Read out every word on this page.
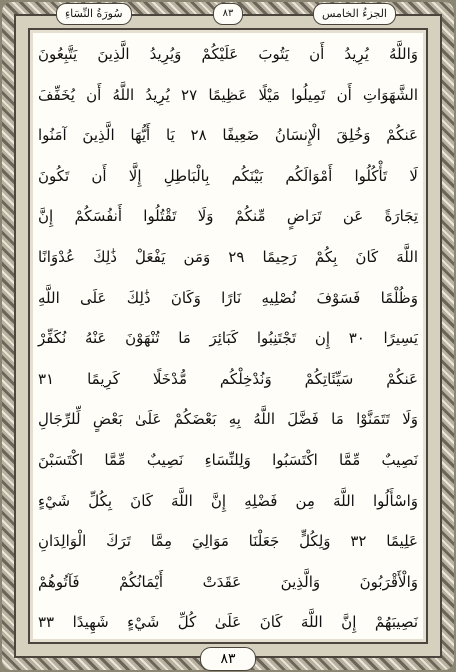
الجزءُ الخامس
٨٣
سُورَةُ النِّسَاءِ
وَاللَّهُ يُرِيدُ أَن يَتُوبَ عَلَيْكُمْ وَيُرِيدُ الَّذِينَ يَتَّبِعُونَ
الشَّهَوَاتِ أَن تَمِيلُوا مَيْلًا عَظِيمًا ٢٧ يُرِيدُ اللَّهُ أَن يُخَفِّفَ
عَنكُمْ وَخُلِقَ الْإِنسَانُ ضَعِيفًا ٢٨ يَا أَيُّهَا الَّذِينَ آمَنُوا
لَا تَأْكُلُوا أَمْوَالَكُم بَيْنَكُم بِالْبَاطِلِ إِلَّا أَن تَكُونَ
تِجَارَةً عَن تَرَاضٍ مِّنكُمْ وَلَا تَقْتُلُوا أَنفُسَكُمْ إِنَّ
اللَّهَ كَانَ بِكُمْ رَحِيمًا ٢٩ وَمَن يَفْعَلْ ذَٰلِكَ عُدْوَانًا
وَظُلْمًا فَسَوْفَ نُصْلِيهِ نَارًا وَكَانَ ذَٰلِكَ عَلَى اللَّهِ
يَسِيرًا ٣٠ إِن تَجْتَنِبُوا كَبَائِرَ مَا تُنْهَوْنَ عَنْهُ نُكَفِّرْ
عَنكُمْ سَيِّئَاتِكُمْ وَنُدْخِلْكُم مُّدْخَلًا كَرِيمًا ٣١
وَلَا تَتَمَنَّوْا مَا فَضَّلَ اللَّهُ بِهِ بَعْضَكُمْ عَلَىٰ بَعْضٍ لِّلرِّجَالِ
نَصِيبٌ مِّمَّا اكْتَسَبُوا وَلِلنِّسَاءِ نَصِيبٌ مِّمَّا اكْتَسَبْنَ
وَاسْأَلُوا اللَّهَ مِن فَضْلِهِ إِنَّ اللَّهَ كَانَ بِكُلِّ شَيْءٍ
عَلِيمًا ٣٢ وَلِكُلٍّ جَعَلْنَا مَوَالِيَ مِمَّا تَرَكَ الْوَالِدَانِ
وَالْأَقْرَبُونَ وَالَّذِينَ عَقَدَتْ أَيْمَانُكُمْ فَآتُوهُمْ
نَصِيبَهُمْ إِنَّ اللَّهَ كَانَ عَلَىٰ كُلِّ شَيْءٍ شَهِيدًا ٣٣
٨٣
